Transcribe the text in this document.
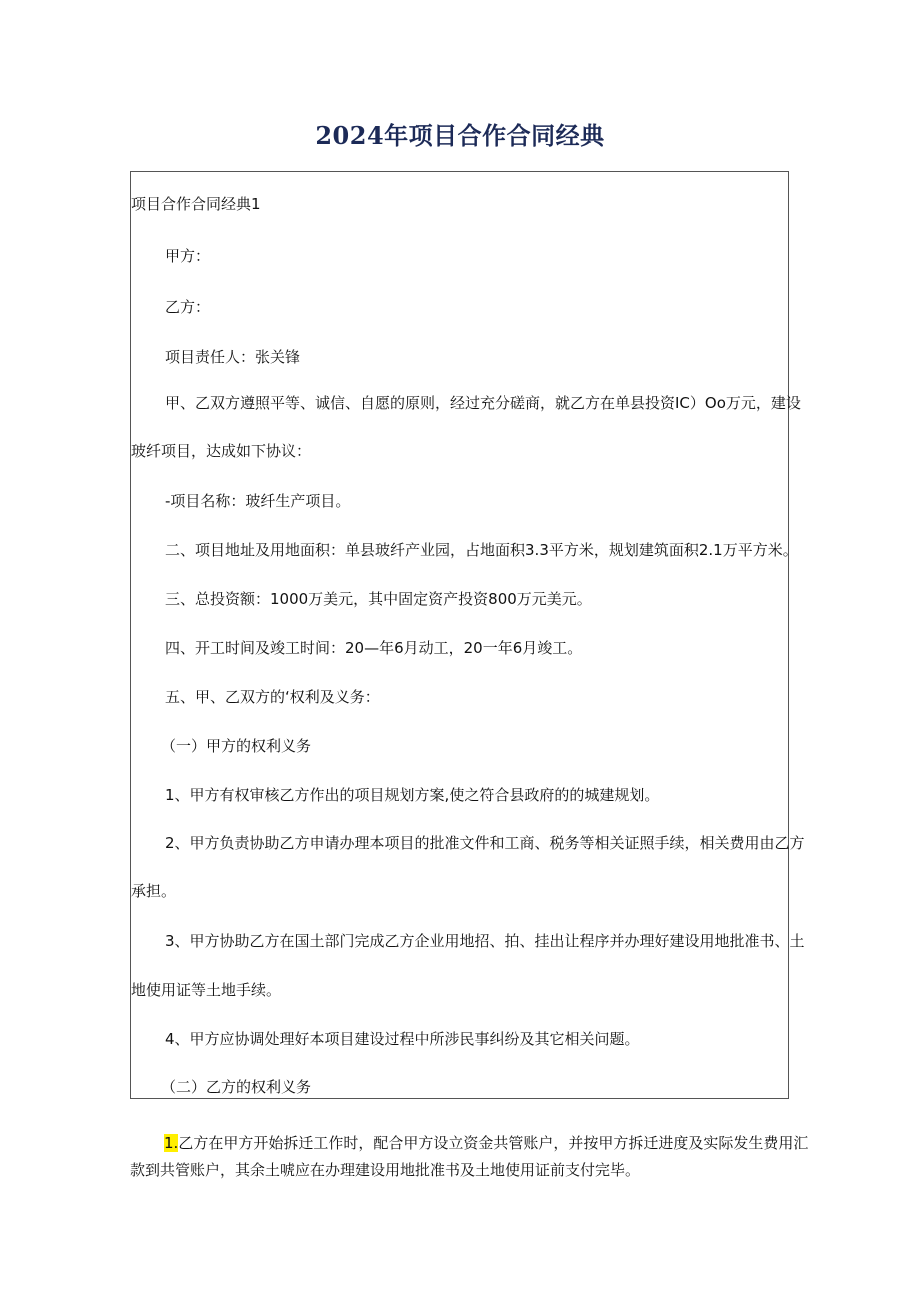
2024年项目合作合同经典
项目合作合同经典1
甲方：
乙方：
项目责任人：张关锋
甲、乙双方遵照平等、诚信、自愿的原则，经过充分磋商，就乙方在单县投资IC）Oo万元，建设
玻纤项目，达成如下协议：
-项目名称：玻纤生产项目。
二、项目地址及用地面积：单县玻纤产业园，占地面积3.3平方米，规划建筑面积2.1万平方米。
三、总投资额：1000万美元，其中固定资产投资800万元美元。
四、开工时间及竣工时间：20—年6月动工，20一年6月竣工。
五、甲、乙双方的‘权利及义务：
（一）甲方的权利义务
1、甲方有权审核乙方作出的项目规划方案,使之符合县政府的的城建规划。
2、甲方负责协助乙方申请办理本项目的批准文件和工商、税务等相关证照手续，相关费用由乙方
承担。
3、甲方协助乙方在国土部门完成乙方企业用地招、拍、挂出让程序并办理好建设用地批准书、土
地使用证等土地手续。
4、甲方应协调处理好本项目建设过程中所涉民事纠纷及其它相关问题。
（二）乙方的权利义务
1.乙方在甲方开始拆迁工作时，配合甲方设立资金共管账户，并按甲方拆迁进度及实际发生费用汇
款到共管账户，其余土唬应在办理建设用地批准书及土地使用证前支付完毕。
